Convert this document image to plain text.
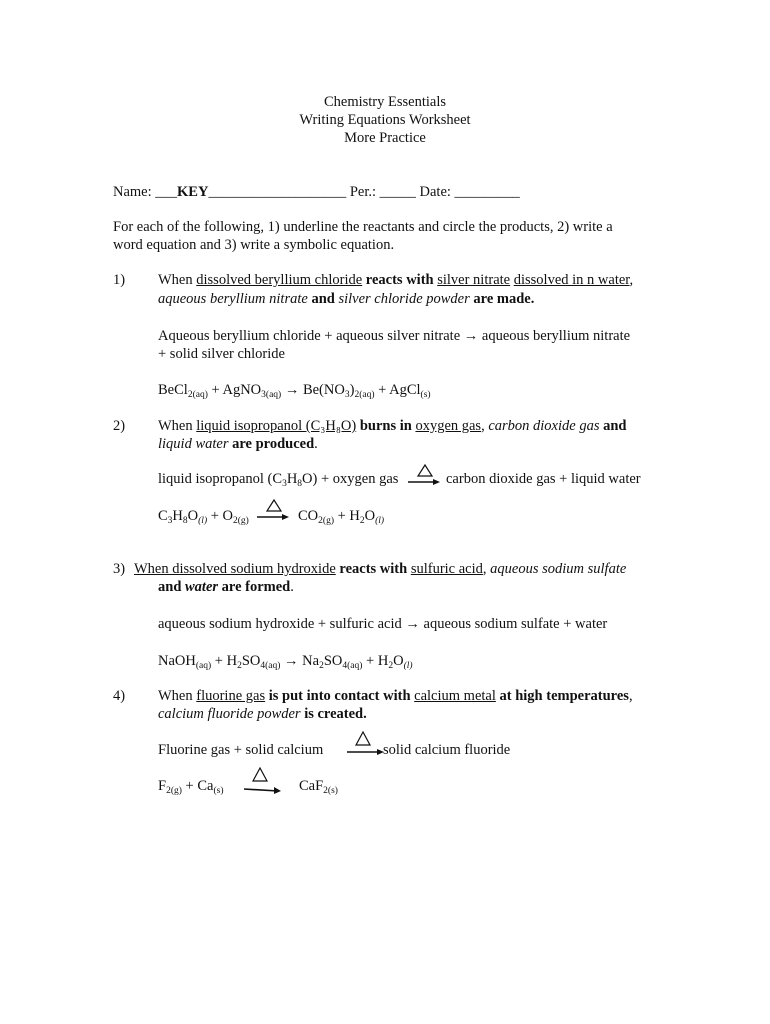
Chemistry Essentials
Writing Equations Worksheet
More Practice
Name: ___KEY___________________ Per.: _____ Date: _________
For each of the following, 1) underline the reactants and circle the products, 2) write a
word equation and 3) write a symbolic equation.
1) When dissolved beryllium chloride reacts with silver nitrate dissolved in n water,
aqueous beryllium nitrate and silver chloride powder are made.
Aqueous beryllium chloride + aqueous silver nitrate → aqueous beryllium nitrate
+ solid silver chloride
BeCl$_{2(aq)}$ + AgNO$_{3(aq)}$ → $Be(NO_3)_{2(aq)}$ + AgCl$_{(s)}$
2) When liquid isopropanol (C₃H₈O) burns in oxygen gas, carbon dioxide gas and
liquid water are produced.
liquid isopropanol $(C_3H_8O)$ + oxygen gas	carbon dioxide gas + liquid water
$C_3H_8O_{(l)} + O_{2(g)}$	$CO_{2(g)} + H_2O_{(l)}$
3) When dissolved sodium hydroxide reacts with sulfuric acid, aqueous sodium sulfate
and water are formed.
aqueous sodium hydroxide + sulfuric acid → aqueous sodium sulfate + water
NaOH$_{(aq)}$ + $H_2SO_{4(aq)} \to Na_2SO_{4(aq)} + H_2O_{(l)}$
4) When fluorine gas is put into contact with calcium metal at high temperatures,
calcium fluoride powder is created.
Fluorine gas + solid calcium	solid calcium fluoride
$F_{2(g)} + Ca_{(s)}$	CaF$_{2(s)}$
